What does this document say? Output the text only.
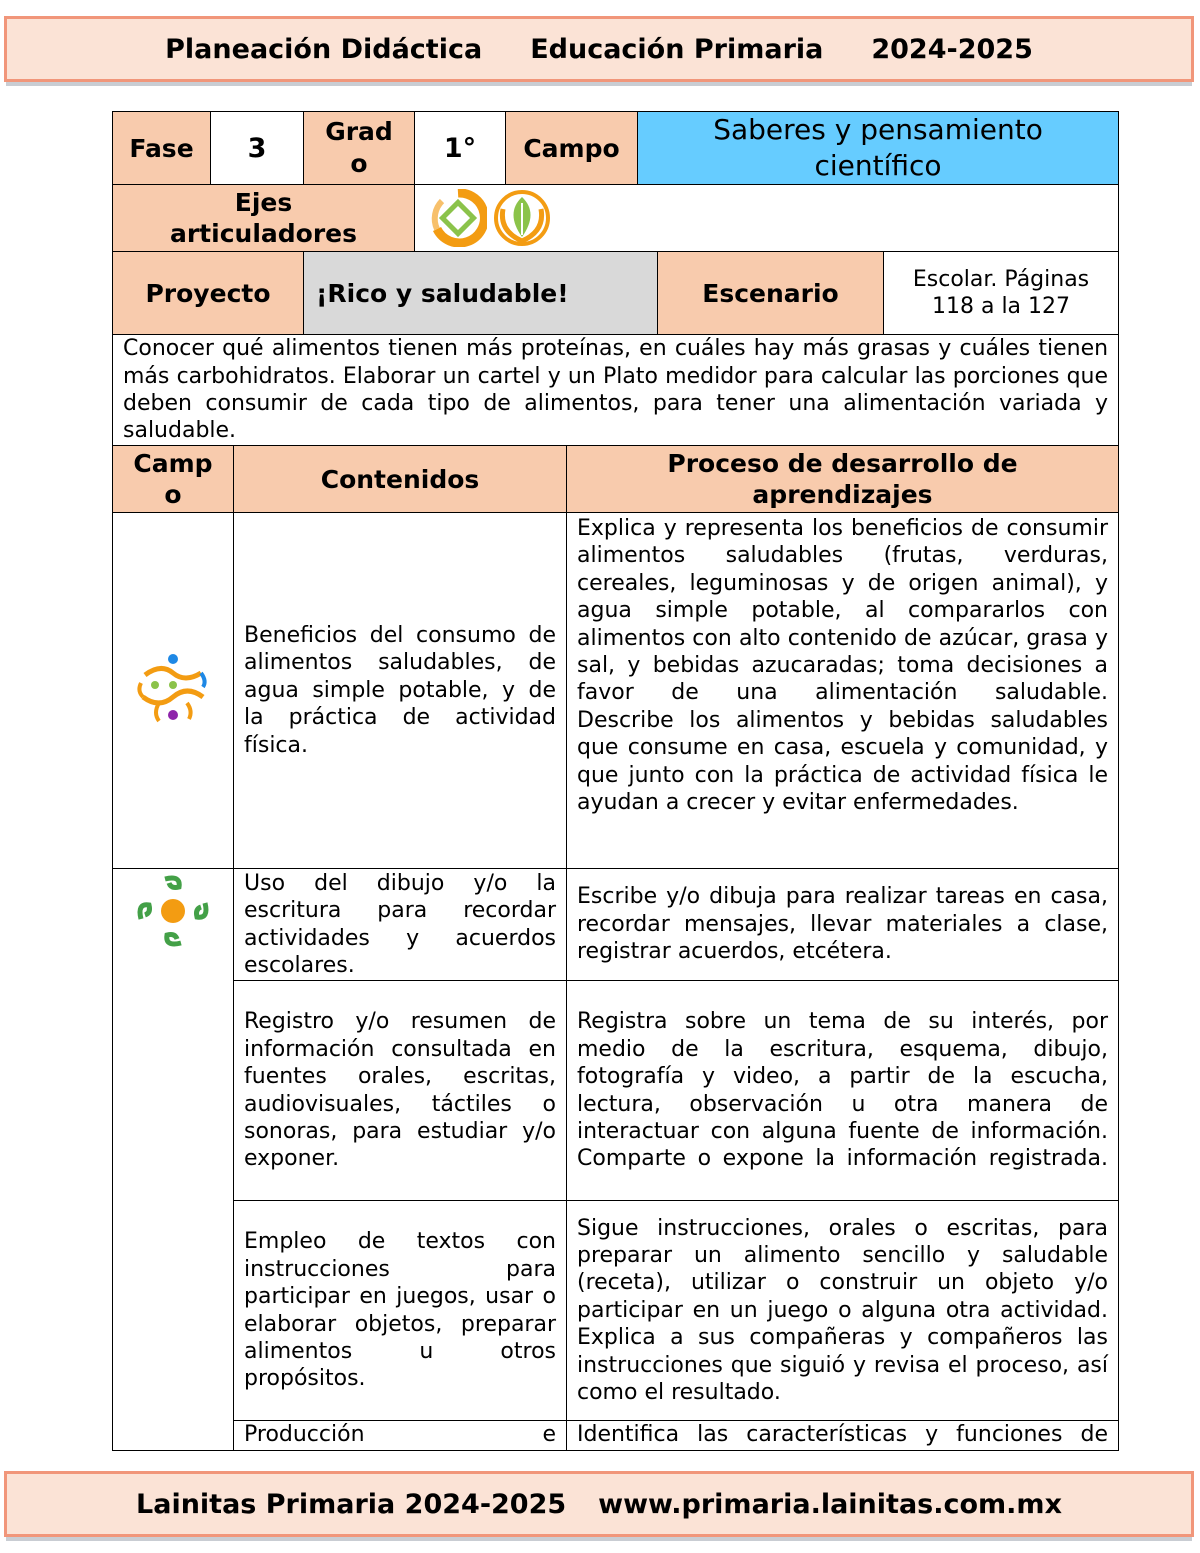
Planeación Didáctica Educación Primaria 2024-2025
Fase	3	Grado	1°	Campo	Saberes y pensamiento científico		

Ejes articuladores

Proyecto		¡Rico y saludable!				Escenario	Escolar. Páginas 118 a la 127

Conocer qué alimentos tienen más proteínas, en cuáles hay más grasas y cuáles tienen más carbohidratos. Elaborar un cartel y un Plato medidor para calcular las porciones que deben consumir de cada tipo de alimentos, para tener una alimentación variada y saludable.							
Campo	Contenidos	Proceso de desarrollo de aprendizajes

	Beneficios del consumo de alimentos saludables, de agua simple potable, y de la práctica de actividad física.	Explica y representa los beneficios de consumir alimentos saludables (frutas, verduras, cereales, leguminosas y de origen animal), y agua simple potable, al compararlos con alimentos con alto contenido de azúcar, grasa y sal, y bebidas azucaradas; toma decisiones a favor de una alimentación saludable.
Describe los alimentos y bebidas saludables que consume en casa, escuela y comunidad, y que junto con la práctica de actividad física le ayudan a crecer y evitar enfermedades.

	Uso del dibujo y/o la escritura para recordar actividades y acuerdos escolares.	Escribe y/o dibuja para realizar tareas en casa, recordar mensajes, llevar materiales a clase, registrar acuerdos, etcétera.

	Registro y/o resumen de información consultada en fuentes orales, escritas, audiovisuales, táctiles o sonoras, para estudiar y/o exponer.	Registra sobre un tema de su interés, por medio de la escritura, esquema, dibujo, fotografía y video, a partir de la escucha, lectura, observación u otra manera de interactuar con alguna fuente de información.
Comparte o expone la información registrada.

	Empleo de textos con instrucciones para participar en juegos, usar o elaborar objetos, preparar alimentos u otros propósitos.	Sigue instrucciones, orales o escritas, para preparar un alimento sencillo y saludable (receta), utilizar o construir un objeto y/o participar en un juego o alguna otra actividad.
Explica a sus compañeras y compañeros las instrucciones que siguió y revisa el proceso, así como el resultado.

	Producción e	Identifica las características y funciones de
Lainitas Primaria 2024-2025 www.primaria.lainitas.com.mx
